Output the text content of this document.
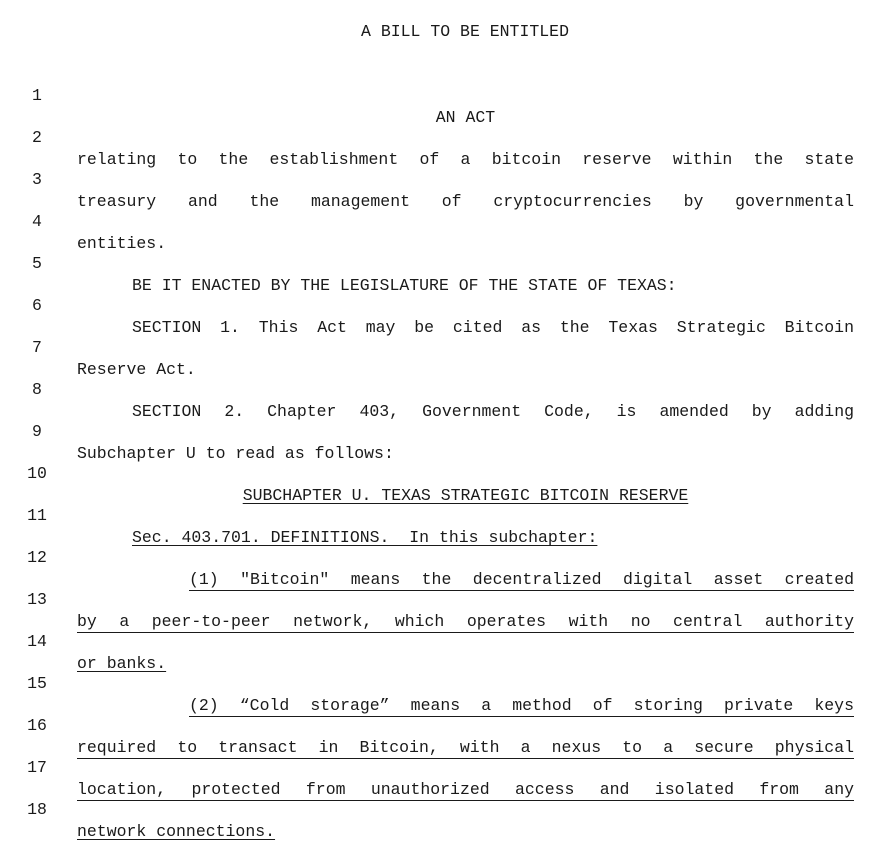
A BILL TO BE ENTITLED

1

AN ACT

2

relating to the establishment of a bitcoin reserve within the state

3

treasury and the management of cryptocurrencies by governmental

4

entities.

5

BE IT ENACTED BY THE LEGISLATURE OF THE STATE OF TEXAS:

6

SECTION 1. This Act may be cited as the Texas Strategic Bitcoin

7

Reserve Act.

8

SECTION 2. Chapter 403, Government Code, is amended by adding

9

Subchapter U to read as follows:

10

SUBCHAPTER U. TEXAS STRATEGIC BITCOIN RESERVE

11

Sec. 403.701. DEFINITIONS.  In this subchapter:

12

(1) "Bitcoin" means the decentralized digital asset created

13

by a peer-to-peer network, which operates with no central authority

14

or banks.

15

(2) “Cold storage” means a method of storing private keys

16

required to transact in Bitcoin, with a nexus to a secure physical

17

location, protected from unauthorized access and isolated from any

18

network connections.
